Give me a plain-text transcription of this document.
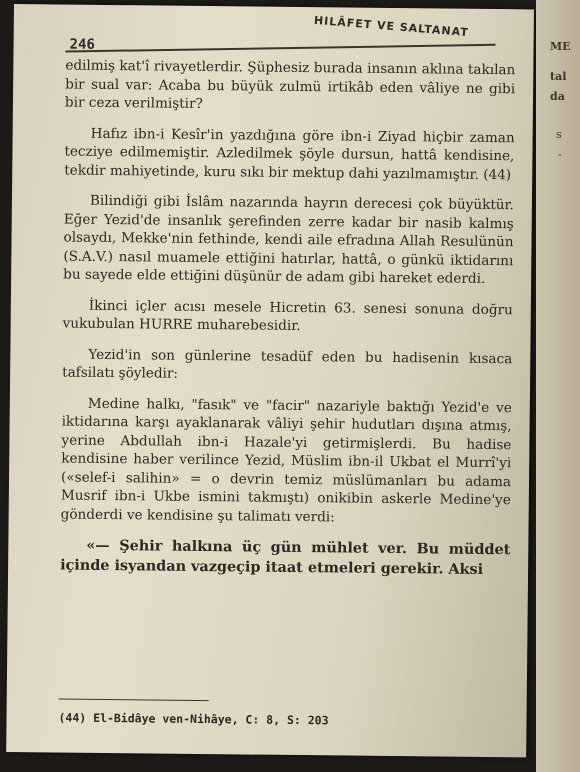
246
HILÂFET VE SALTANAT

edilmiş kat'î rivayetlerdir. Şüphesiz burada insanın aklına takılan bir sual var: Acaba bu büyük zulmü irtikâb eden vâliye ne gibi bir ceza verilmiştir?

Hafız ibn-i Kesîr'in yazdığına göre ibn-i Ziyad hiçbir zaman tecziye edilmemiştir. Azledilmek şöyle dursun, hattâ kendisine, tekdir mahiyetinde, kuru sıkı bir mektup dahi yazılmamıştır. (44)

Bilindiği gibi İslâm nazarında hayrın derecesi çok büyüktür. Eğer Yezid'de insanlık şerefinden zerre kadar bir nasib kalmış olsaydı, Mekke'nin fethinde, kendi aile efradına Allah Resulünün (S.A.V.) nasıl muamele ettiğini hatırlar, hattâ, o günkü iktidarını bu sayede elde ettiğini düşünür de adam gibi hareket ederdi.

İkinci içler acısı mesele Hicretin 63. senesi sonuna doğru vukubulan HURRE muharebesidir.

Yezid'in son günlerine tesadüf eden bu hadisenin kısaca tafsilatı şöyledir:

Medine halkı, "fasık" ve "facir" nazariyle baktığı Yezid'e ve iktidarına karşı ayaklanarak vâliyi şehir hudutları dışına atmış, yerine Abdullah ibn-i Hazale'yi getirmişlerdi. Bu hadise kendisine haber verilince Yezid, Müslim ibn-il Ukbat el Murrî'yi («selef-i salihin» = o devrin temiz müslümanları bu adama Musrif ibn-i Ukbe ismini takmıştı) onikibin askerle Medine'ye gönderdi ve kendisine şu talimatı verdi:

«— Şehir halkına üç gün mühlet ver. Bu müddet içinde isyandan vazgeçip itaat etmeleri gerekir. Aksi

(44) El-Bidâye ven-Nihâye, C: 8, S: 203
ME
tal
da
s
-
